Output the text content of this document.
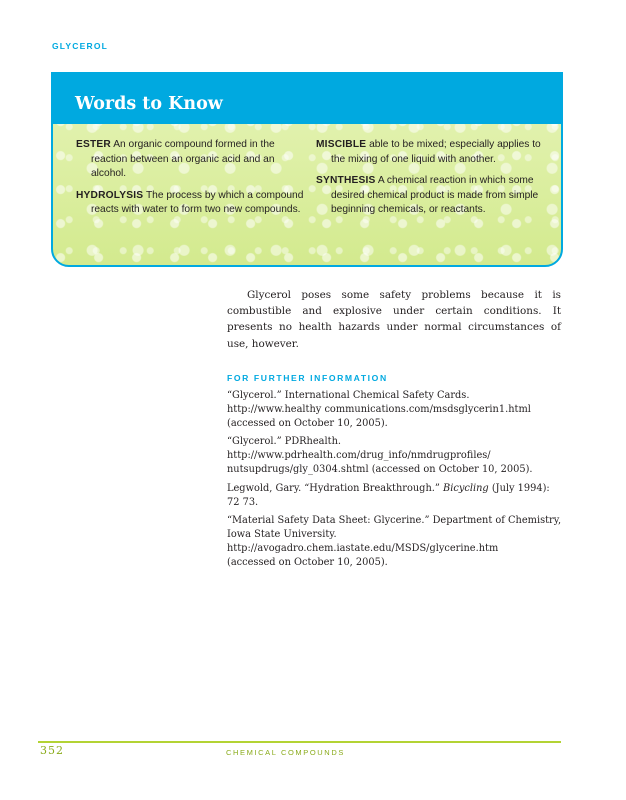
GLYCEROL
Words to Know
ESTER An organic compound formed in the reaction between an organic acid and an alcohol.
HYDROLYSIS The process by which a compound reacts with water to form two new compounds.
MISCIBLE able to be mixed; especially applies to the mixing of one liquid with another.
SYNTHESIS A chemical reaction in which some desired chemical product is made from simple beginning chemicals, or reactants.

Glycerol poses some safety problems because it is combustible and explosive under certain conditions. It presents no health hazards under normal circumstances of use, however.

FOR FURTHER INFORMATION
“Glycerol.” International Chemical Safety Cards.
http://www.healthy communications.com/msdsglycerin1.html
(accessed on October 10, 2005).
“Glycerol.” PDRhealth.
http://www.pdrhealth.com/drug_info/nmdrugprofiles/
nutsupdrugs/gly_0304.shtml (accessed on October 10, 2005).
Legwold, Gary. “Hydration Breakthrough.” Bicycling (July 1994):
72 73.
“Material Safety Data Sheet: Glycerine.” Department of Chemistry,
Iowa State University.
http://avogadro.chem.iastate.edu/MSDS/glycerine.htm
(accessed on October 10, 2005).
352	CHEMICAL COMPOUNDS
